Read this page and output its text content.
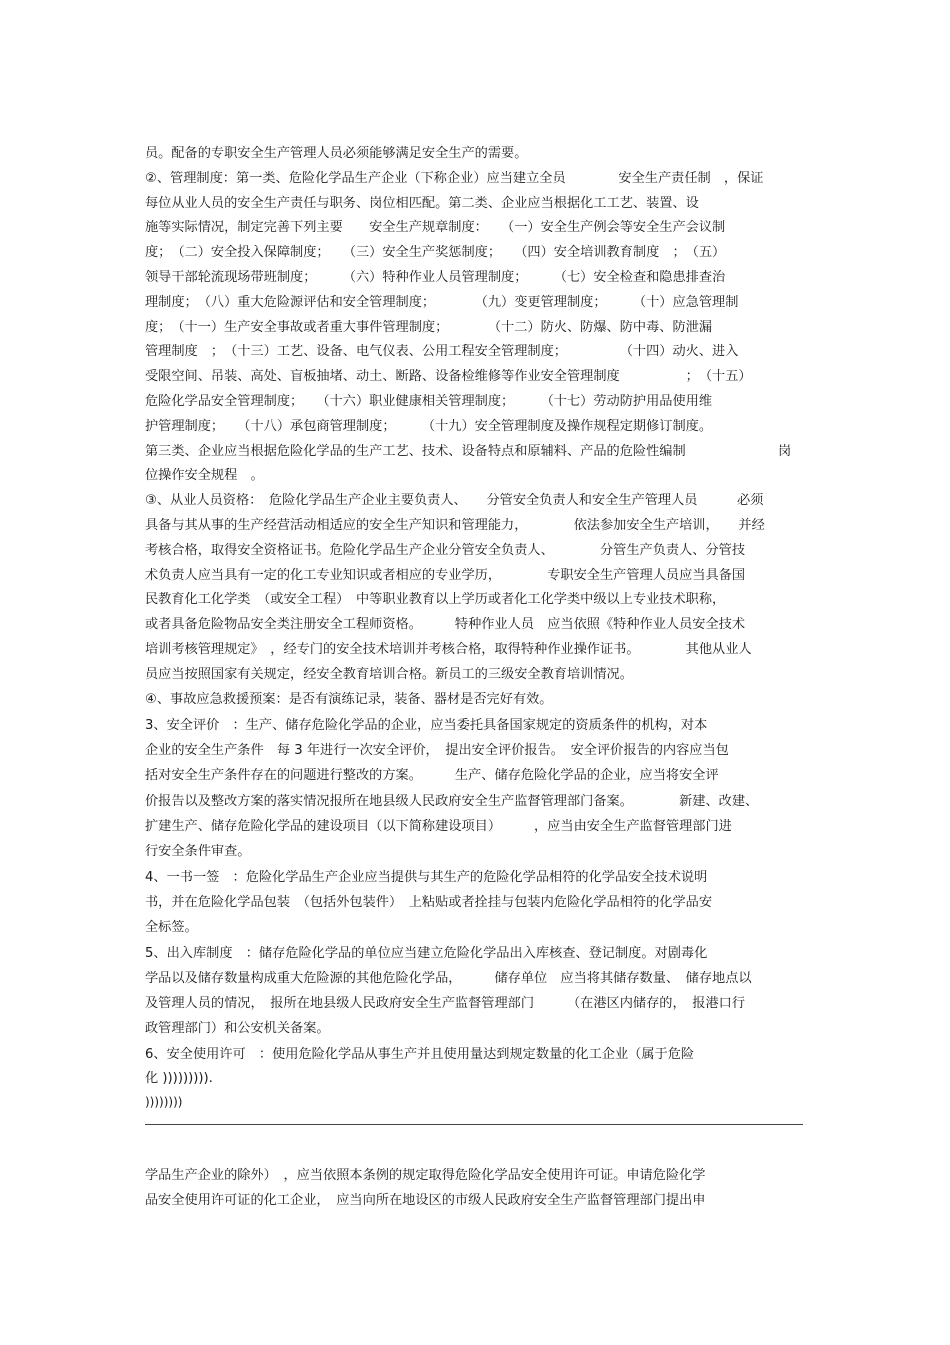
员。配备的专职安全生产管理人员必须能够满足安全生产的需要。
②、管理制度：第一类、危险化学品生产企业（下称企业）应当建立全员　　　　安全生产责任制　，保证
每位从业人员的安全生产责任与职务、岗位相匹配。第二类、企业应当根据化工工艺、装置、设
施等实际情况，制定完善下列主要　　安全生产规章制度：　　（一）安全生产例会等安全生产会议制
度；　（二）安全投入保障制度；　　（三）安全生产奖惩制度；　　（四）安全培训教育制度　；　（五）
领导干部轮流现场带班制度；　　　（六）特种作业人员管理制度；　　　（七）安全检查和隐患排查治
理制度；　（八）重大危险源评估和安全管理制度；　　　　（九）变更管理制度；　　　（十）应急管理制
度；　（十一）生产安全事故或者重大事件管理制度；　　　　（十二）防火、防爆、防中毒、防泄漏
管理制度　；　（十三）工艺、设备、电气仪表、公用工程安全管理制度；　　　　　（十四）动火、进入
受限空间、吊装、高处、盲板抽堵、动土、断路、设备检维修等作业安全管理制度　　　　　；　（十五）
危险化学品安全管理制度；　　（十六）职业健康相关管理制度；　　　（十七）劳动防护用品使用维
护管理制度；　　（十八）承包商管理制度；　　　（十九）安全管理制度及操作规程定期修订制度。
第三类、企业应当根据危险化学品的生产工艺、技术、设备特点和原辅料、产品的危险性编制　　　　　　　岗
位操作安全规程　。
③、从业人员资格：　危险化学品生产企业主要负责人、　　分管安全负责人和安全生产管理人员　　　必须
具备与其从事的生产经营活动相适应的安全生产知识和管理能力，　　　　依法参加安全生产培训，　　并经
考核合格，取得安全资格证书。危险化学品生产企业分管安全负责人、　　　　分管生产负责人、分管技
术负责人应当具有一定的化工专业知识或者相应的专业学历，　　　　专职安全生产管理人员应当具备国
民教育化工化学类　（或安全工程）　中等职业教育以上学历或者化工化学类中级以上专业技术职称，
或者具备危险物品安全类注册安全工程师资格。　　　特种作业人员　应当依照《特种作业人员安全技术
培训考核管理规定》　，经专门的安全技术培训并考核合格，取得特种作业操作证书。　　　　其他从业人
员应当按照国家有关规定，经安全教育培训合格。新员工的三级安全教育培训情况。
④、事故应急救援预案：是否有演练记录，装备、器材是否完好有效。
3、安全评价　：生产、储存危险化学品的企业，应当委托具备国家规定的资质条件的机构，对本
企业的安全生产条件　每 3 年进行一次安全评价，　提出安全评价报告。　安全评价报告的内容应当包
括对安全生产条件存在的问题进行整改的方案。　　　生产、储存危险化学品的企业，应当将安全评
价报告以及整改方案的落实情况报所在地县级人民政府安全生产监督管理部门备案。　　　　新建、改建、
扩建生产、储存危险化学品的建设项目（以下简称建设项目）　　　，应当由安全生产监督管理部门进
行安全条件审查。
4、一书一签　：危险化学品生产企业应当提供与其生产的危险化学品相符的化学品安全技术说明
书，并在危险化学品包装　（包括外包装件）　上粘贴或者拴挂与包装内危险化学品相符的化学品安
全标签。
5、出入库制度　：储存危险化学品的单位应当建立危险化学品出入库核查、登记制度。对剧毒化
学品以及储存数量构成重大危险源的其他危险化学品，　　　储存单位　应当将其储存数量、　储存地点以
及管理人员的情况，　报所在地县级人民政府安全生产监督管理部门　　　（在港区内储存的，　报港口行
政管理部门）和公安机关备案。
6、安全使用许可　：使用危险化学品从事生产并且使用量达到规定数量的化工企业（属于危险
化 ))))))))).
))))))))
学品生产企业的除外）　，应当依照本条例的规定取得危险化学品安全使用许可证。申请危险化学
品安全使用许可证的化工企业，　应当向所在地设区的市级人民政府安全生产监督管理部门提出申
